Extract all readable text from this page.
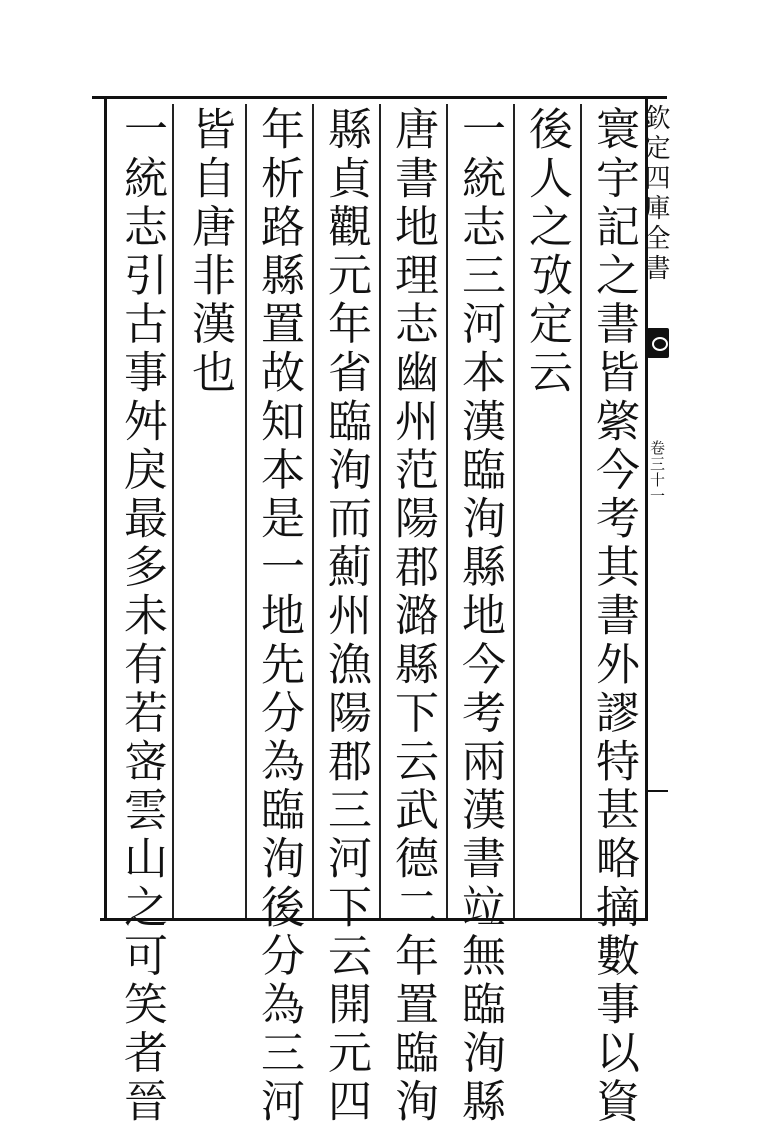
欽定四庫全書
卷三十一
寰宇記之書皆綮今考其書外謬特甚略摘數事以資
後人之攷定云
一統志三河本漢臨洵縣地今考兩漢書竝無臨洵縣
唐書地理志幽州范陽郡潞縣下云武德二年置臨洵
縣貞觀元年省臨洵而薊州漁陽郡三河下云開元四
年析路縣置故知本是一地先分為臨洵後分為三河
皆自唐非漢也
一統志引古事舛戾最多未有若宻雲山之可笑者晉
